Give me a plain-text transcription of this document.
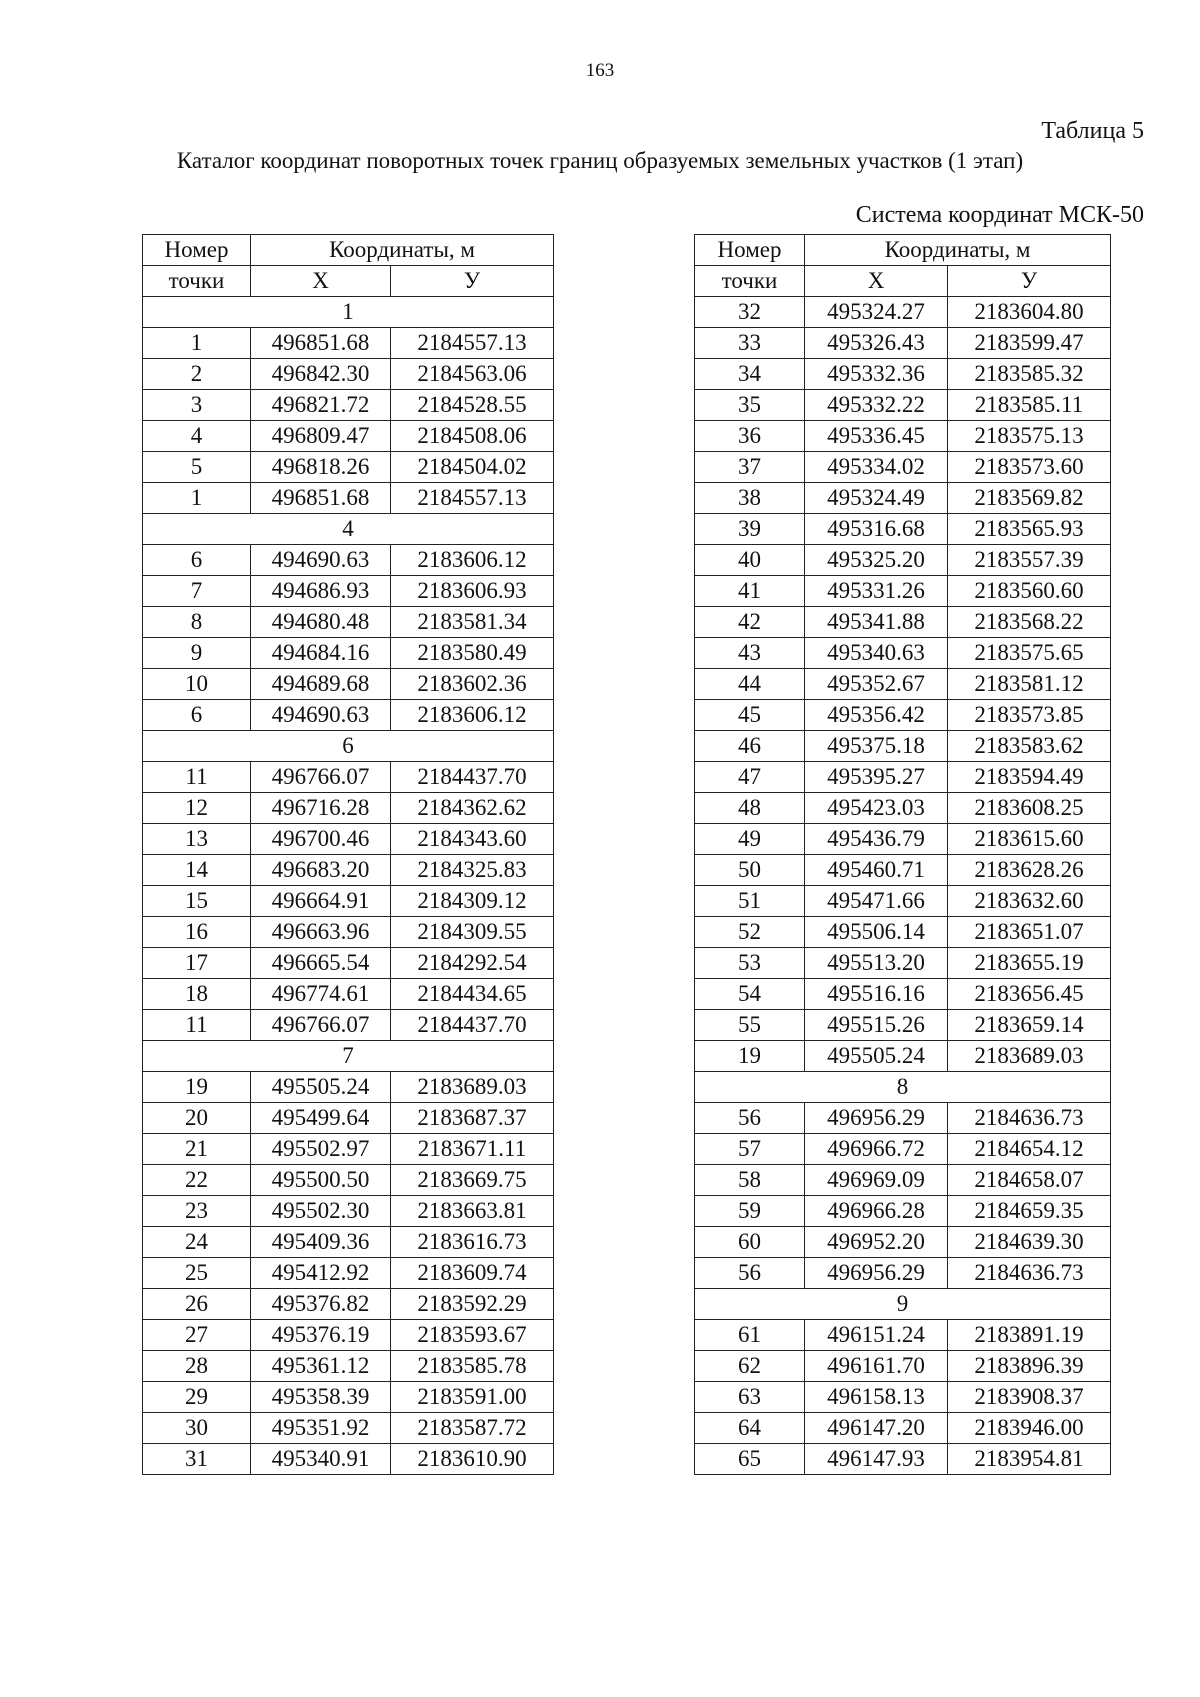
163
Таблица 5
Каталог координат поворотных точек границ образуемых земельных участков (1 этап)
Система координат МСК-50
Номер	Координаты, м	
точки	X	У
1		
1	496851.68	2184557.13
2	496842.30	2184563.06
3	496821.72	2184528.55
4	496809.47	2184508.06
5	496818.26	2184504.02
1	496851.68	2184557.13
4		
6	494690.63	2183606.12
7	494686.93	2183606.93
8	494680.48	2183581.34
9	494684.16	2183580.49
10	494689.68	2183602.36
6	494690.63	2183606.12
6		
11	496766.07	2184437.70
12	496716.28	2184362.62
13	496700.46	2184343.60
14	496683.20	2184325.83
15	496664.91	2184309.12
16	496663.96	2184309.55
17	496665.54	2184292.54
18	496774.61	2184434.65
11	496766.07	2184437.70
7		
19	495505.24	2183689.03
20	495499.64	2183687.37
21	495502.97	2183671.11
22	495500.50	2183669.75
23	495502.30	2183663.81
24	495409.36	2183616.73
25	495412.92	2183609.74
26	495376.82	2183592.29
27	495376.19	2183593.67
28	495361.12	2183585.78
29	495358.39	2183591.00
30	495351.92	2183587.72
31	495340.91	2183610.90
Номер	Координаты, м	
точки	X	У
32	495324.27	2183604.80
33	495326.43	2183599.47
34	495332.36	2183585.32
35	495332.22	2183585.11
36	495336.45	2183575.13
37	495334.02	2183573.60
38	495324.49	2183569.82
39	495316.68	2183565.93
40	495325.20	2183557.39
41	495331.26	2183560.60
42	495341.88	2183568.22
43	495340.63	2183575.65
44	495352.67	2183581.12
45	495356.42	2183573.85
46	495375.18	2183583.62
47	495395.27	2183594.49
48	495423.03	2183608.25
49	495436.79	2183615.60
50	495460.71	2183628.26
51	495471.66	2183632.60
52	495506.14	2183651.07
53	495513.20	2183655.19
54	495516.16	2183656.45
55	495515.26	2183659.14
19	495505.24	2183689.03
8		
56	496956.29	2184636.73
57	496966.72	2184654.12
58	496969.09	2184658.07
59	496966.28	2184659.35
60	496952.20	2184639.30
56	496956.29	2184636.73
9		
61	496151.24	2183891.19
62	496161.70	2183896.39
63	496158.13	2183908.37
64	496147.20	2183946.00
65	496147.93	2183954.81
